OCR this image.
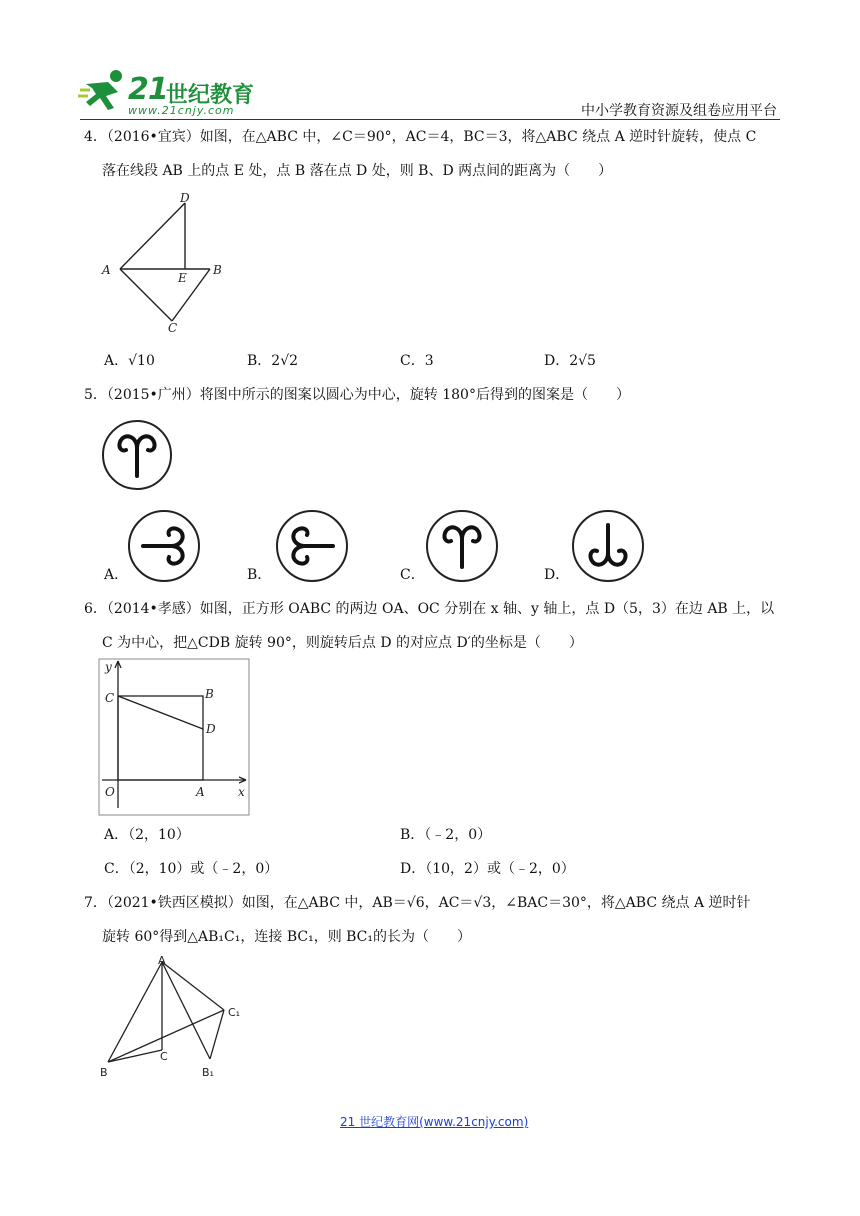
21
世纪教育
www.21cnjy.com	中小学教育资源及组卷应用平台
4．（2016•宜宾）如图，在△ABC 中，∠C＝90°，AC＝4，BC＝3，将△ABC 绕点 A 逆时针旋转，使点 C
落在线段 AB 上的点 E 处，点 B 落在点 D 处，则 B、D 两点间的距离为（　　）
D
A	B
E
C
A．√10	B．2√2	C．3	D．2√5
5．（2015•广州）将图中所示的图案以圆心为中心，旋转 180°后得到的图案是（　　）
A．	B．	C．	D．
6．（2014•孝感）如图，正方形 OABC 的两边 OA、OC 分别在 x 轴、y 轴上，点 D（5，3）在边 AB 上，以
C 为中心，把△CDB 旋转 90°，则旋转后点 D 的对应点 D′的坐标是（　　）
y
C	B
D
O	A	x
A．（2，10）	B．（﹣2，0）
C．（2，10）或（﹣2，0）	D．（10，2）或（﹣2，0）
7．（2021•铁西区模拟）如图，在△ABC 中，AB＝√6，AC＝√3，∠BAC＝30°，将△ABC 绕点 A 逆时针
旋转 60°得到△AB₁C₁，连接 BC₁，则 BC₁的长为（　　）
A
B
C
C₁
B₁
21 世纪教育网(www.21cnjy.com)
